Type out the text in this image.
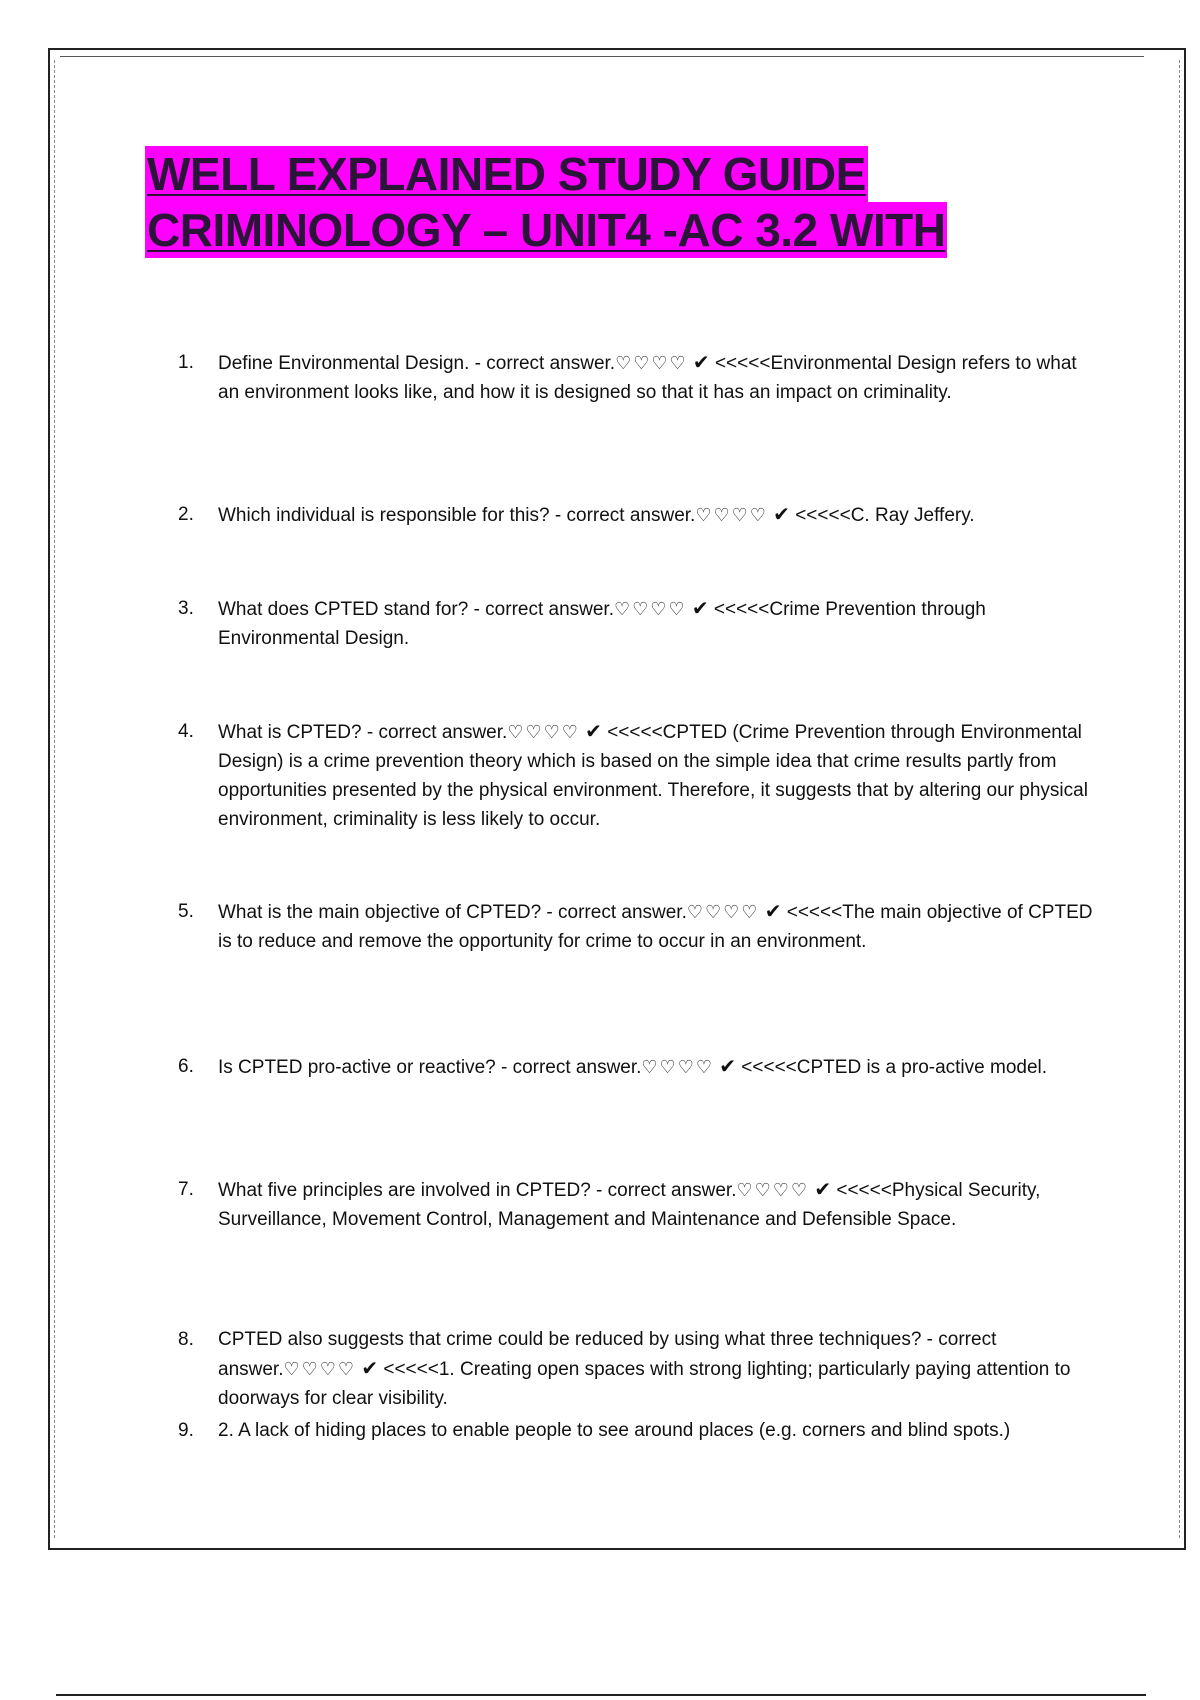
WELL EXPLAINED STUDY GUIDE
CRIMINOLOGY – UNIT4 -AC 3.2 WITH
1.	Define Environmental Design. - correct answer.♡♡♡♡ ✔ <<<<<Environmental Design refers to what an environment looks like, and how it is designed so that it has an impact on criminality.
2.	Which individual is responsible for this? - correct answer.♡♡♡♡ ✔ <<<<<C. Ray Jeffery.
3.	What does CPTED stand for? - correct answer.♡♡♡♡ ✔ <<<<<Crime Prevention through Environmental Design.
4.	What is CPTED? - correct answer.♡♡♡♡ ✔ <<<<<CPTED (Crime Prevention through Environmental Design) is a crime prevention theory which is based on the simple idea that crime results partly from opportunities presented by the physical environment. Therefore, it suggests that by altering our physical environment, criminality is less likely to occur.
5.	What is the main objective of CPTED? - correct answer.♡♡♡♡ ✔ <<<<<The main objective of CPTED is to reduce and remove the opportunity for crime to occur in an environment.
6.	Is CPTED pro-active or reactive? - correct answer.♡♡♡♡ ✔ <<<<<CPTED is a pro-active model.
7.	What five principles are involved in CPTED? - correct answer.♡♡♡♡ ✔ <<<<<Physical Security, Surveillance, Movement Control, Management and Maintenance and Defensible Space.
8.	CPTED also suggests that crime could be reduced by using what three techniques? - correct answer.♡♡♡♡ ✔ <<<<<1. Creating open spaces with strong lighting; particularly paying attention to doorways for clear visibility.
9.	2. A lack of hiding places to enable people to see around places (e.g. corners and blind spots.)
